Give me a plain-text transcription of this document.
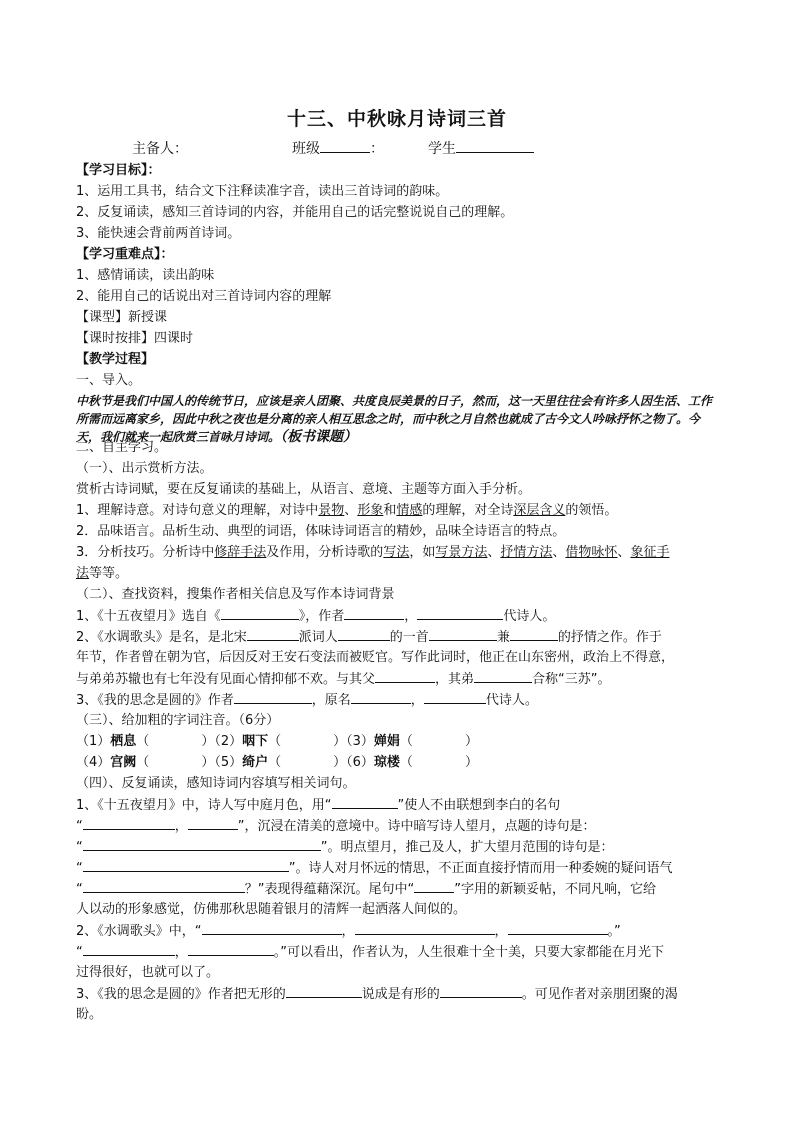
十三、中秋咏月诗词三首
主备人：	班级	：	学生
【学习目标】：
1、运用工具书，结合文下注释读准字音，读出三首诗词的韵味。
2、反复诵读，感知三首诗词的内容，并能用自己的话完整说说自己的理解。
3、能快速会背前两首诗词。
【学习重难点】：
1、感情诵读，读出韵味
2、能用自己的话说出对三首诗词内容的理解
【课型】新授课
【课时按排】四课时
【教学过程】
一、导入。
中秋节是我们中国人的传统节日，应该是亲人团聚、共度良辰美景的日子，然而，这一天里往往会有许多人因生活、工作所需而远离家乡，因此中秋之夜也是分离的亲人相互思念之时，而中秋之月自然也就成了古今文人吟咏抒怀之物了。今天，我们就来一起欣赏三首咏月诗词。（板书课题）
二、自主学习。
（一）、出示赏析方法。
赏析古诗词赋，要在反复诵读的基础上，从语言、意境、主题等方面入手分析。
1、理解诗意。对诗句意义的理解，对诗中景物、形象和情感的理解，对全诗深层含义的领悟。
2．品味语言。品析生动、典型的词语，体味诗词语言的精妙，品味全诗语言的特点。
3．分析技巧。分析诗中修辞手法及作用，分析诗歌的写法，如写景方法、抒情方法、借物咏怀、象征手
法等等。
（二）、查找资料，搜集作者相关信息及写作本诗词背景
1、《十五夜望月》选自《	》，作者	，	代诗人。
2、《水调歌头》是名，是北宋	派词人	的一首	兼	的抒情之作。作于
年节，作者曾在朝为官，后因反对王安石变法而被贬官。写作此词时，他正在山东密州，政治上不得意，
与弟弟苏辙也有七年没有见面心情抑郁不欢。与其父	，其弟	合称“三苏”。
3、《我的思念是圆的》作者	，原名	，	代诗人。
（三）、给加粗的字词注音。（6分）
（1）栖息（	）（2）咽下（	）（3）婵娟（	）
（4）宫阙（	）（5）绮户（	）（6）琼楼（	）
（四）、反复诵读，感知诗词内容填写相关词句。
1、《十五夜望月》中，诗人写中庭月色，用“	”使人不由联想到李白的名句
“	，	”，沉浸在清美的意境中。诗中暗写诗人望月，点题的诗句是：
“	”。明点望月，推己及人，扩大望月范围的诗句是：
“	”。诗人对月怀远的情思，不正面直接抒情而用一种委婉的疑问语气
“	？”表现得蕴藉深沉。尾句中“	”字用的新颖妥帖，不同凡响，它给
人以动的形象感觉，仿佛那秋思随着银月的清辉一起洒落人间似的。
2、《水调歌头》中，“	，	，	。”
“	，	。”可以看出，作者认为，人生很难十全十美，只要大家都能在月光下
过得很好，也就可以了。
3、《我的思念是圆的》作者把无形的	说成是有形的	。可见作者对亲朋团聚的渴
盼。
